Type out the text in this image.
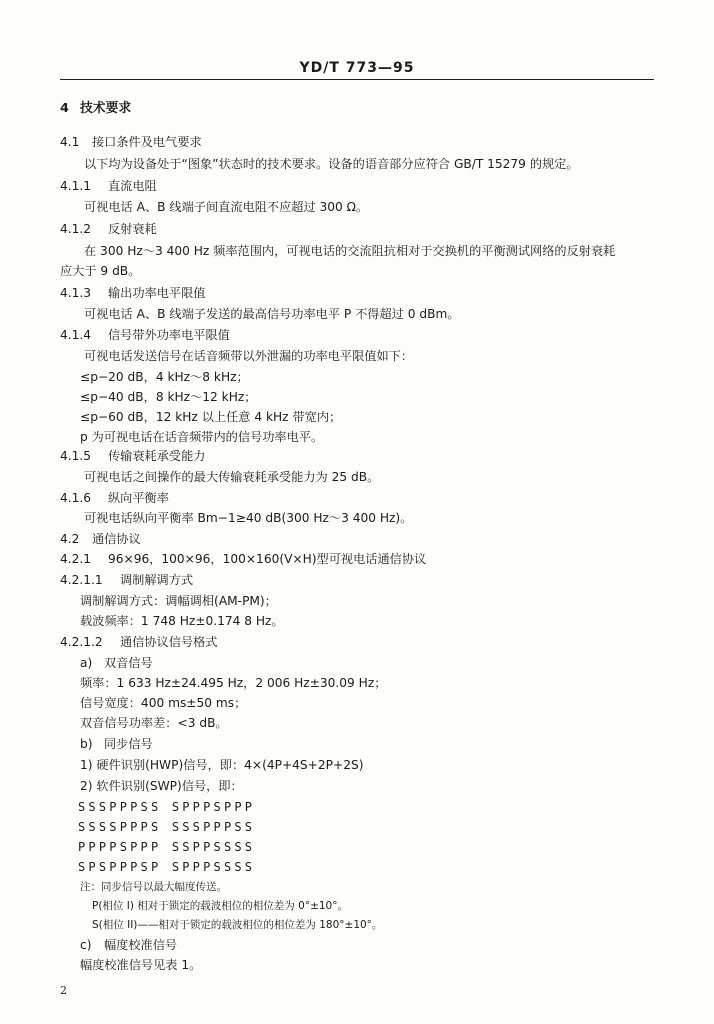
YD/T 773—95
4 技术要求
4.1 接口条件及电气要求
以下均为设备处于“图象”状态时的技术要求。设备的语音部分应符合 GB/T 15279 的规定。
4.1.1 直流电阻
可视电话 A、B 线端子间直流电阻不应超过 300 Ω。
4.1.2 反射衰耗
在 300 Hz～3 400 Hz 频率范围内，可视电话的交流阻抗相对于交换机的平衡测试网络的反射衰耗
应大于 9 dB。
4.1.3 输出功率电平限值
可视电话 A、B 线端子发送的最高信号功率电平 P 不得超过 0 dBm。
4.1.4 信号带外功率电平限值
可视电话发送信号在话音频带以外泄漏的功率电平限值如下：
≤p−20 dB，4 kHz～8 kHz；
≤p−40 dB，8 kHz～12 kHz；
≤p−60 dB，12 kHz 以上任意 4 kHz 带宽内；
p 为可视电话在话音频带内的信号功率电平。
4.1.5 传输衰耗承受能力
可视电话之间操作的最大传输衰耗承受能力为 25 dB。
4.1.6 纵向平衡率
可视电话纵向平衡率 Bm−1≥40 dB(300 Hz～3 400 Hz)。
4.2 通信协议
4.2.1 96×96，100×96，100×160(V×H)型可视电话通信协议
4.2.1.1 调制解调方式
调制解调方式：调幅调相(AM-PM)；
载波频率：1 748 Hz±0.174 8 Hz。
4.2.1.2 通信协议信号格式
a) 双音信号
频率：1 633 Hz±24.495 Hz，2 006 Hz±30.09 Hz；
信号宽度：400 ms±50 ms；
双音信号功率差：<3 dB。
b) 同步信号
1) 硬件识别(HWP)信号，即：4×(4P+4S+2P+2S)
2) 软件识别(SWP)信号，即：
SSSPPPSS SPPPSPPP
SSSSPPPS SSSPPPSS
PPPPSPPP SSPPSSSS
SPSPPPSP SPPPSSSS
注：同步信号以最大幅度传送。
P(相位 I) 相对于锁定的载波相位的相位差为 0°±10°。
S(相位 II)——相对于锁定的载波相位的相位差为 180°±10°。
c) 幅度校准信号
幅度校准信号见表 1。
2
